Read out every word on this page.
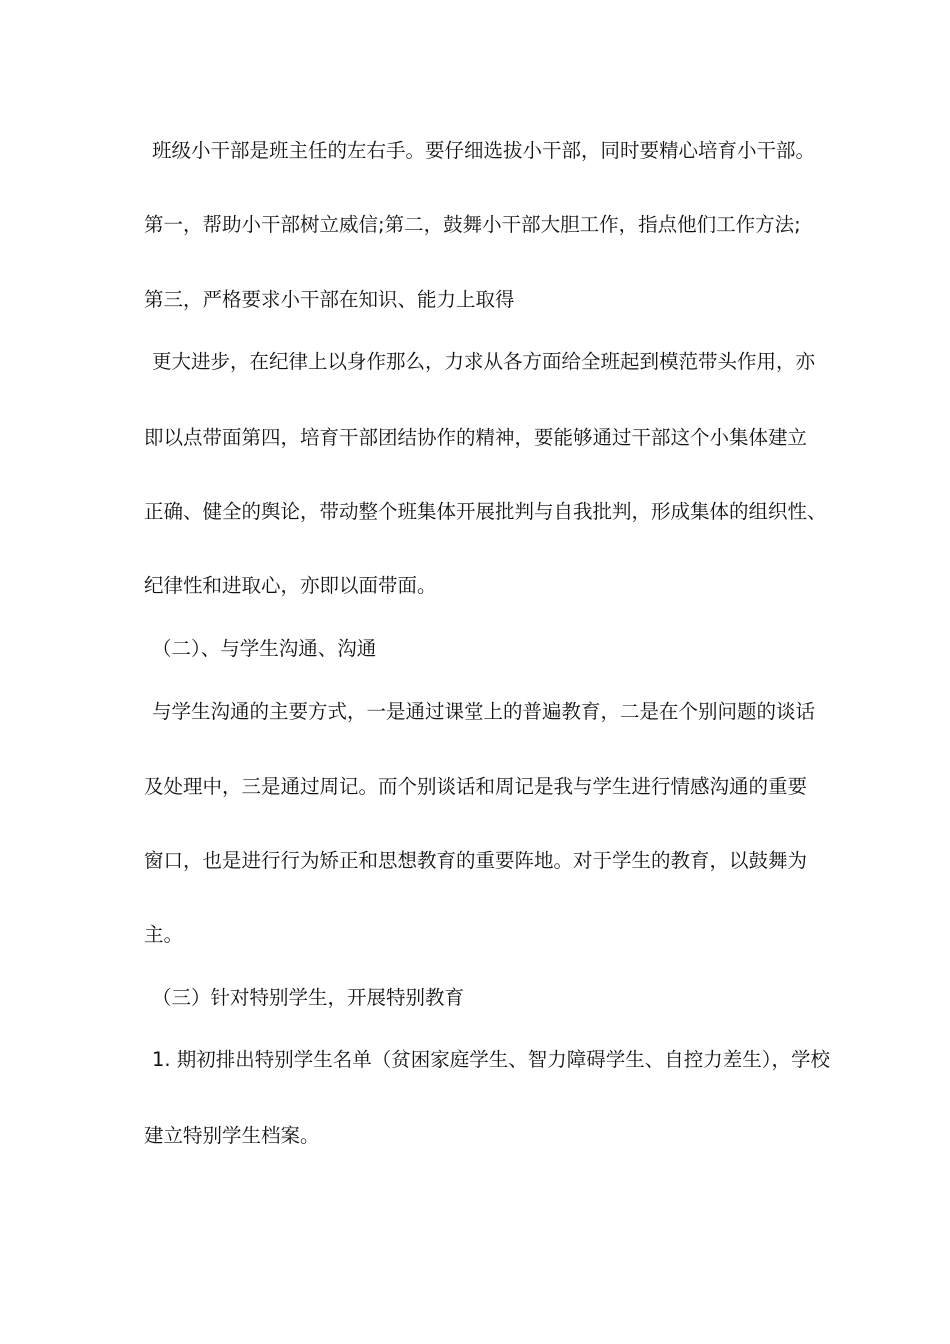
班级小干部是班主任的左右手。要仔细选拔小干部，同时要精心培育小干部。
第一，帮助小干部树立威信;第二，鼓舞小干部大胆工作，指点他们工作方法;
第三，严格要求小干部在知识、能力上取得
更大进步，在纪律上以身作那么，力求从各方面给全班起到模范带头作用，亦
即以点带面第四，培育干部团结协作的精神，要能够通过干部这个小集体建立
正确、健全的舆论，带动整个班集体开展批判与自我批判，形成集体的组织性、
纪律性和进取心，亦即以面带面。
（二）、与学生沟通、沟通
与学生沟通的主要方式，一是通过课堂上的普遍教育，二是在个别问题的谈话
及处理中，三是通过周记。而个别谈话和周记是我与学生进行情感沟通的重要
窗口，也是进行行为矫正和思想教育的重要阵地。对于学生的教育，以鼓舞为
主。
（三）针对特别学生，开展特别教育
1. 期初排出特别学生名单（贫困家庭学生、智力障碍学生、自控力差生），学校
建立特别学生档案。
